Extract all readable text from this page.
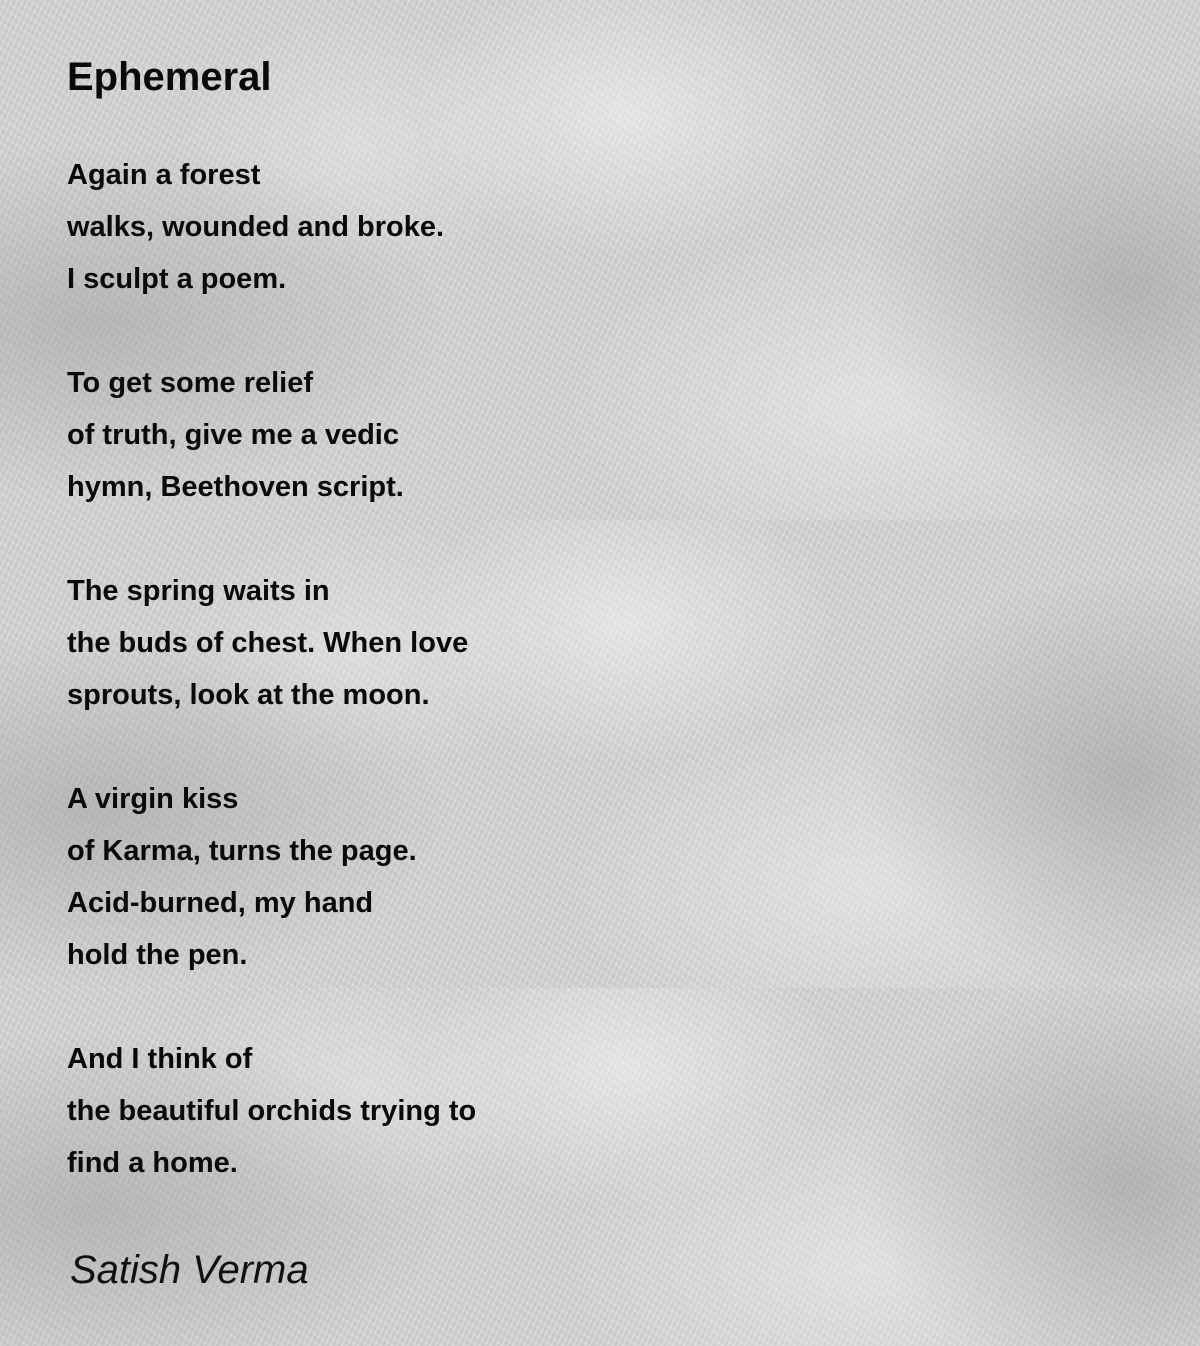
Ephemeral
Again a forest
walks, wounded and broke.
I sculpt a poem.
To get some relief
of truth, give me a vedic
hymn, Beethoven script.
The spring waits in
the buds of chest. When love
sprouts, look at the moon.
A virgin kiss
of Karma, turns the page.
Acid-burned, my hand
hold the pen.
And I think of
the beautiful orchids trying to
find a home.
Satish Verma
